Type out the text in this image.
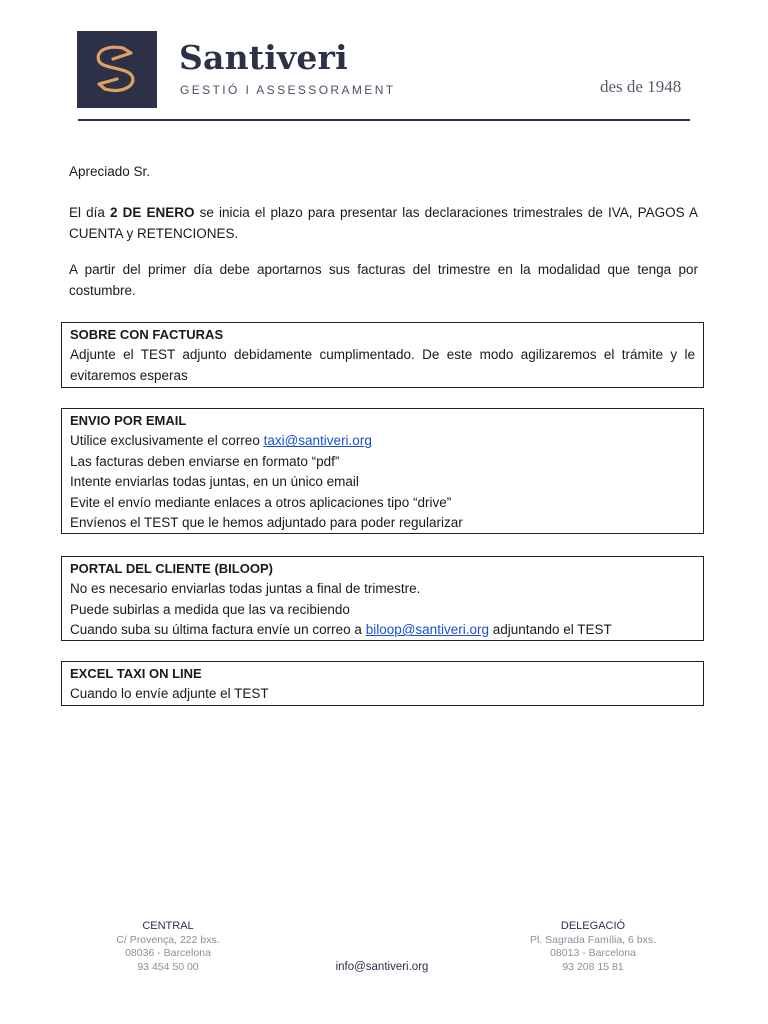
Santiveri
GESTIÓ I ASSESSORAMENT	des de 1948
Apreciado Sr.
El día 2 DE ENERO se inicia el plazo para presentar las declaraciones trimestrales de IVA, PAGOS A CUENTA y RETENCIONES.
A partir del primer día debe aportarnos sus facturas del trimestre en la modalidad que tenga por costumbre.
SOBRE CON FACTURAS
Adjunte el TEST adjunto debidamente cumplimentado. De este modo agilizaremos el trámite y le evitaremos esperas
ENVIO POR EMAIL
Utilice exclusivamente el correo taxi@santiveri.org
Las facturas deben enviarse en formato “pdf”
Intente enviarlas todas juntas, en un único email
Evite el envío mediante enlaces a otros aplicaciones tipo “drive”
Envíenos el TEST que le hemos adjuntado para poder regularizar
PORTAL DEL CLIENTE (BILOOP)
No es necesario enviarlas todas juntas a final de trimestre.
Puede subirlas a medida que las va recibiendo
Cuando suba su última factura envíe un correo a biloop@santiveri.org adjuntando el TEST
EXCEL TAXI ON LINE
Cuando lo envíe adjunte el TEST
CENTRAL
C/ Provença, 222 bxs.
08036 - Barcelona
93 454 50 00	info@santiveri.org
DELEGACIÓ
Pl. Sagrada Família, 6 bxs.
08013 - Barcelona
93 208 15 81
